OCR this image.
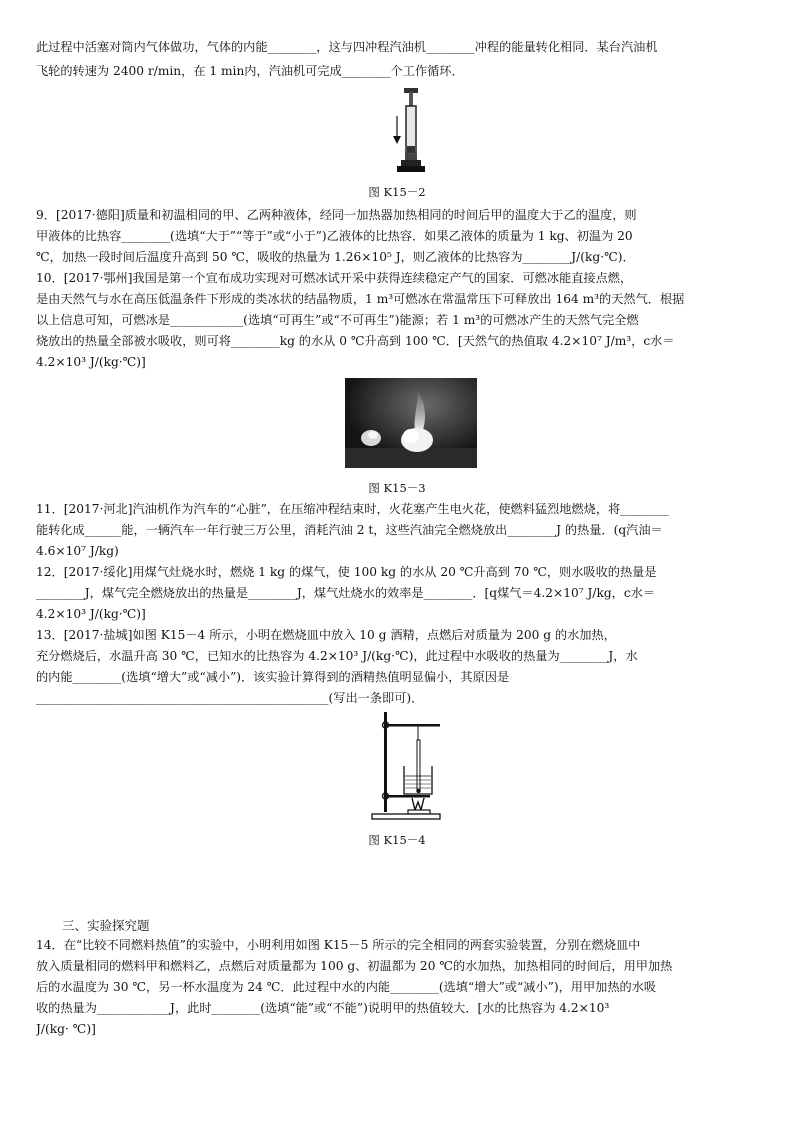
此过程中活塞对筒内气体做功，气体的内能________，这与四冲程汽油机________冲程的能量转化相同．某台汽油机
飞轮的转速为 2400 r/min，在 1 min内，汽油机可完成________个工作循环．
图 K15－2
9．[2017·德阳]质量和初温相同的甲、乙两种液体，经同一加热器加热相同的时间后甲的温度大于乙的温度，则
甲液体的比热容________(选填“大于”“等于”或“小于”)乙液体的比热容．如果乙液体的质量为 1 kg、初温为 20
℃，加热一段时间后温度升高到 50 ℃，吸收的热量为 1.26×10⁵ J，则乙液体的比热容为________J/(kg·℃)．
10．[2017·鄂州]我国是第一个宣布成功实现对可燃冰试开采中获得连续稳定产气的国家．可燃冰能直接点燃，
是由天然气与水在高压低温条件下形成的类冰状的结晶物质，1 m³可燃冰在常温常压下可释放出 164 m³的天然气．根据
以上信息可知，可燃冰是____________(选填“可再生”或“不可再生”)能源；若 1 m³的可燃冰产生的天然气完全燃
烧放出的热量全部被水吸收，则可将________kg 的水从 0 ℃升高到 100 ℃．[天然气的热值取 4.2×10⁷ J/m³，c水＝
4.2×10³ J/(kg·℃)]
图 K15－3
11．[2017·河北]汽油机作为汽车的“心脏”，在压缩冲程结束时，火花塞产生电火花，使燃料猛烈地燃烧，将________
能转化成______能，一辆汽车一年行驶三万公里，消耗汽油 2 t，这些汽油完全燃烧放出________J 的热量．(q汽油＝
4.6×10⁷ J/kg)
12．[2017·绥化]用煤气灶烧水时，燃烧 1 kg 的煤气，使 100 kg 的水从 20 ℃升高到 70 ℃，则水吸收的热量是
________J，煤气完全燃烧放出的热量是________J，煤气灶烧水的效率是________．[q煤气＝4.2×10⁷ J/kg，c水＝
4.2×10³ J/(kg·℃)]
13．[2017·盐城]如图 K15－4 所示，小明在燃烧皿中放入 10 g 酒精，点燃后对质量为 200 g 的水加热，
充分燃烧后，水温升高 30 ℃，已知水的比热容为 4.2×10³ J/(kg·℃)，此过程中水吸收的热量为________J，水
的内能________(选填“增大”或“减小”)．该实验计算得到的酒精热值明显偏小，其原因是
________________________________________________(写出一条即可)．
图 K15－4
三、实验探究题
14．在“比较不同燃料热值”的实验中，小明利用如图 K15－5 所示的完全相同的两套实验装置，分别在燃烧皿中
放入质量相同的燃料甲和燃料乙，点燃后对质量都为 100 g、初温都为 20 ℃的水加热，加热相同的时间后，用甲加热
后的水温度为 30 ℃，另一杯水温度为 24 ℃．此过程中水的内能________(选填“增大”或“减小”)，用甲加热的水吸
收的热量为____________J，此时________(选填“能”或“不能”)说明甲的热值较大．[水的比热容为 4.2×10³
J/(kg· ℃)]
